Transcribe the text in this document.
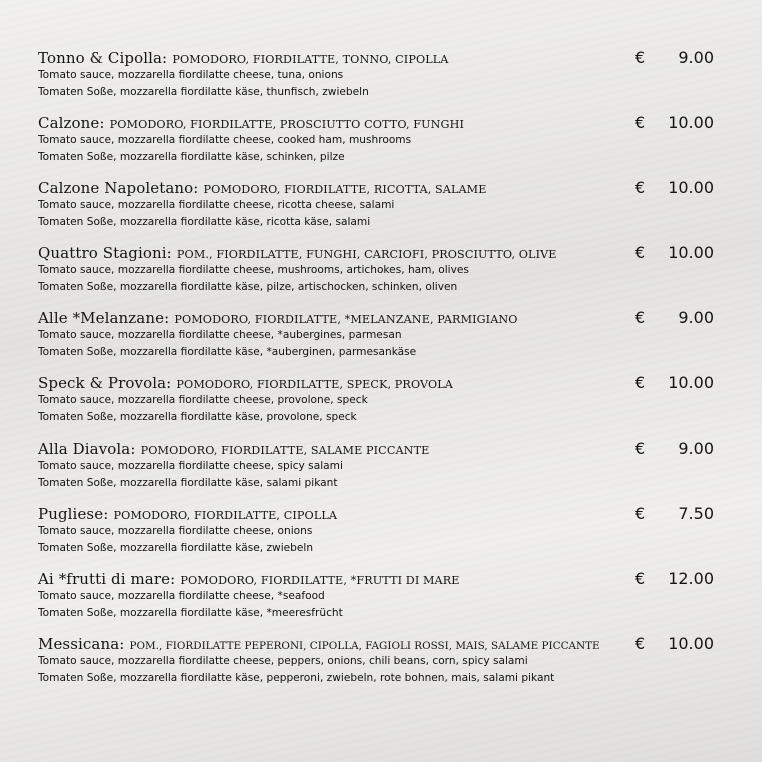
Tonno & Cipolla: POMODORO, FIORDILATTE, TONNO, CIPOLLA
Tomato sauce, mozzarella fiordilatte cheese, tuna, onions
Tomaten Soße, mozzarella fiordilatte käse, thunfisch, zwiebeln
€	9.00
Calzone: POMODORO, FIORDILATTE, PROSCIUTTO COTTO, FUNGHI
Tomato sauce, mozzarella fiordilatte cheese, cooked ham, mushrooms
Tomaten Soße, mozzarella fiordilatte käse, schinken, pilze
€ 10.00
Calzone Napoletano: POMODORO, FIORDILATTE, RICOTTA, SALAME
Tomato sauce, mozzarella fiordilatte cheese, ricotta cheese, salami
Tomaten Soße, mozzarella fiordilatte käse, ricotta käse, salami
€ 10.00
Quattro Stagioni: POM., FIORDILATTE, FUNGHI, CARCIOFI, PROSCIUTTO, OLIVE
Tomato sauce, mozzarella fiordilatte cheese, mushrooms, artichokes, ham, olives
Tomaten Soße, mozzarella fiordilatte käse, pilze, artischocken, schinken, oliven
€ 10.00
Alle *Melanzane: POMODORO, FIORDILATTE, *MELANZANE, PARMIGIANO
Tomato sauce, mozzarella fiordilatte cheese, *aubergines, parmesan
Tomaten Soße, mozzarella fiordilatte käse, *auberginen, parmesankäse
€	9.00
Speck & Provola: POMODORO, FIORDILATTE, SPECK, PROVOLA
Tomato sauce, mozzarella fiordilatte cheese, provolone, speck
Tomaten Soße, mozzarella fiordilatte käse, provolone, speck
€ 10.00
Alla Diavola: POMODORO, FIORDILATTE, SALAME PICCANTE
Tomato sauce, mozzarella fiordilatte cheese, spicy salami
Tomaten Soße, mozzarella fiordilatte käse, salami pikant
€	9.00
Pugliese: POMODORO, FIORDILATTE, CIPOLLA
Tomato sauce, mozzarella fiordilatte cheese, onions
Tomaten Soße, mozzarella fiordilatte käse, zwiebeln
€	7.50
Ai *frutti di mare: POMODORO, FIORDILATTE, *FRUTTI DI MARE
Tomato sauce, mozzarella fiordilatte cheese, *seafood
Tomaten Soße, mozzarella fiordilatte käse, *meeresfrücht
€ 12.00
Messicana: POM., FIORDILATTE PEPERONI, CIPOLLA, FAGIOLI ROSSI, MAIS, SALAME PICCANTE
Tomato sauce, mozzarella fiordilatte cheese, peppers, onions, chili beans, corn, spicy salami
Tomaten Soße, mozzarella fiordilatte käse, pepperoni, zwiebeln, rote bohnen, mais, salami pikant
€ 10.00
